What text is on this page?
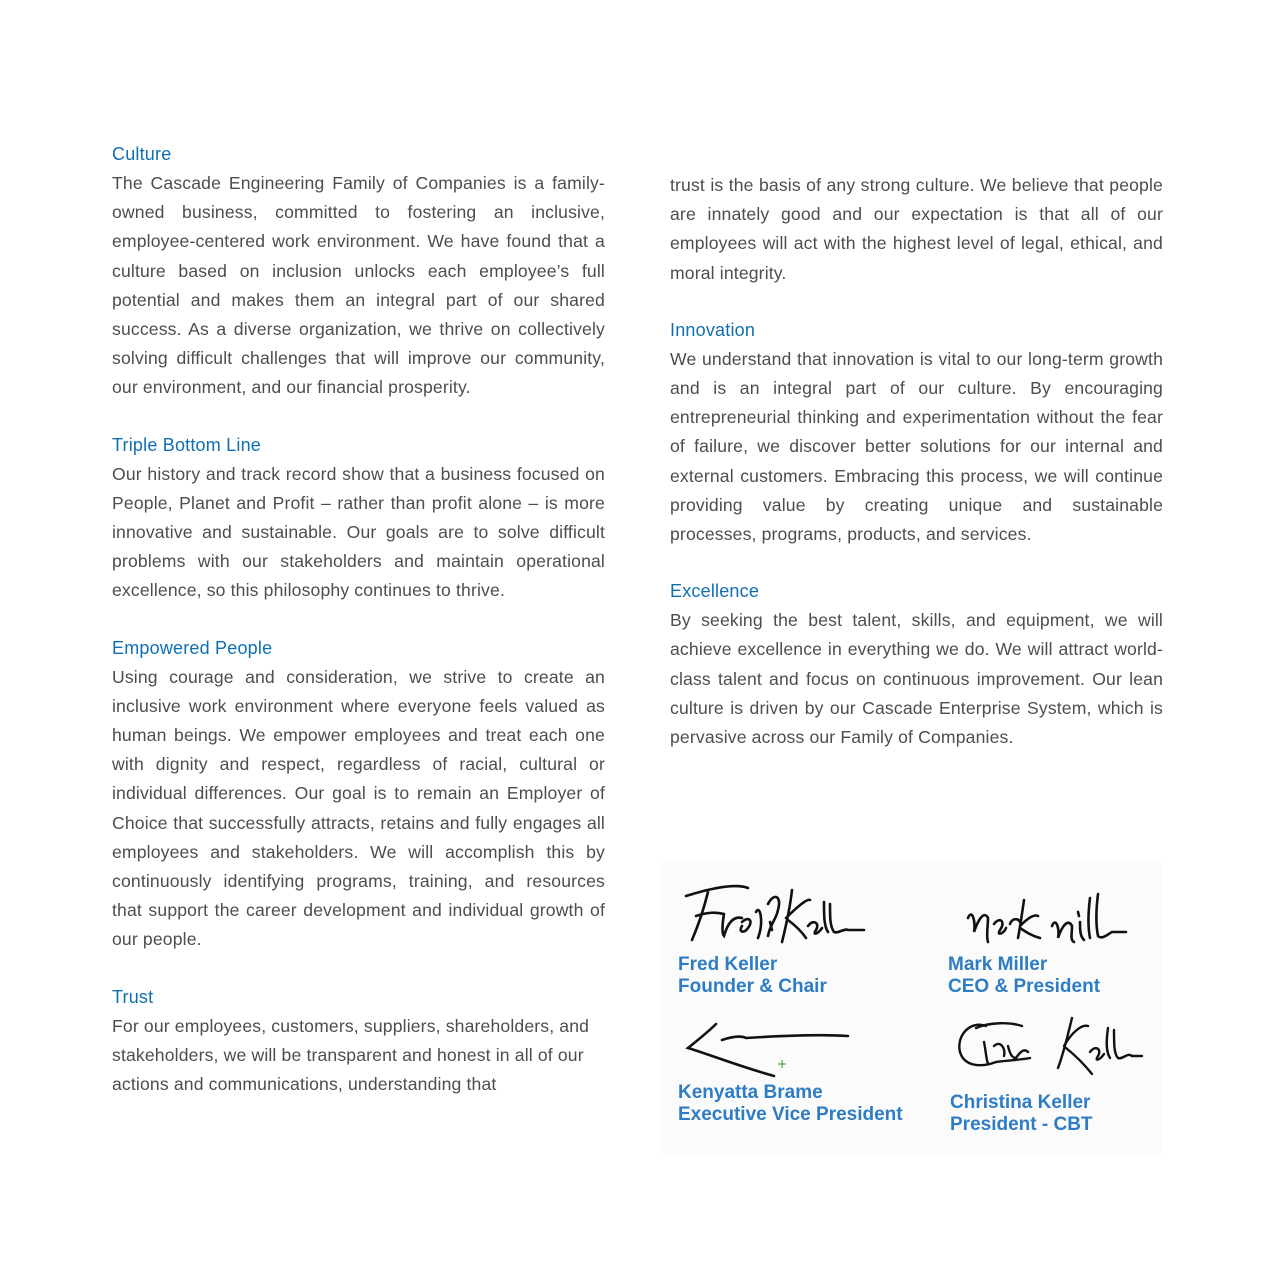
Culture

The Cascade Engineering Family of Companies is a family-owned business, committed to fostering an inclusive, employee-centered work environment. We have found that a culture based on inclusion unlocks each employee’s full potential and makes them an integral part of our shared success. As a diverse organization, we thrive on collectively solving difficult challenges that will improve our community, our environment, and our financial prosperity.

Triple Bottom Line

Our history and track record show that a business focused on People, Planet and Profit – rather than profit alone – is more innovative and sustainable. Our goals are to solve difficult problems with our stakeholders and maintain operational excellence, so this philosophy continues to thrive.

Empowered People

Using courage and consideration, we strive to create an inclusive work environment where everyone feels valued as human beings. We empower employees and treat each one with dignity and respect, regardless of racial, cultural or individual differences. Our goal is to remain an Employer of Choice that successfully attracts, retains and fully engages all employees and stakeholders. We will accomplish this by continuously identifying programs, training, and resources that support the career development and individual growth of our people.

Trust

For our employees, customers, suppliers, shareholders, and stakeholders, we will be transparent and honest in all of our actions and communications, understanding that

trust is the basis of any strong culture. We believe that people are innately good and our expectation is that all of our employees will act with the highest level of legal, ethical, and moral integrity.

Innovation

We understand that innovation is vital to our long-term growth and is an integral part of our culture. By encouraging entrepreneurial thinking and experimentation without the fear of failure, we discover better solutions for our internal and external customers. Embracing this process, we will continue providing value by creating unique and sustainable processes, programs, products, and services.

Excellence

By seeking the best talent, skills, and equipment, we will achieve excellence in everything we do. We will attract world-class talent and focus on continuous improvement. Our lean culture is driven by our Cascade Enterprise System, which is pervasive across our Family of Companies.

Fred Keller
Founder & Chair
Mark Miller
CEO & President
Kenyatta Brame
Executive Vice President
Christina Keller
President - CBT
